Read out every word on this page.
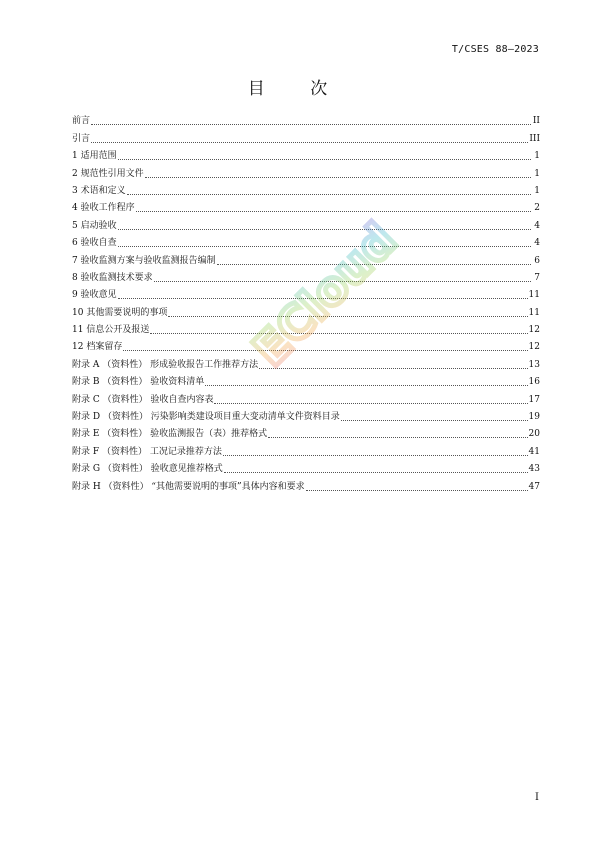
T/CSES 88—2023
目 次
前言	II
引言	III
1 适用范围	1
2 规范性引用文件	1
3 术语和定义	1
4 验收工作程序	2
5 启动验收	4
6 验收自查	4
7 验收监测方案与验收监测报告编制	6
8 验收监测技术要求	7
9 验收意见	11
10 其他需要说明的事项	11
11 信息公开及报送	12
12 档案留存	12
附录 A （资料性） 形成验收报告工作推荐方法	13
附录 B （资料性） 验收资料清单	16
附录 C （资料性） 验收自查内容表	17
附录 D （资料性） 污染影响类建设项目重大变动清单文件资料目录	19
附录 E （资料性） 验收监测报告（表）推荐格式	20
附录 F （资料性） 工况记录推荐方法	41
附录 G （资料性） 验收意见推荐格式	43
附录 H （资料性） “其他需要说明的事项”具体内容和要求	47
ECloud
I
